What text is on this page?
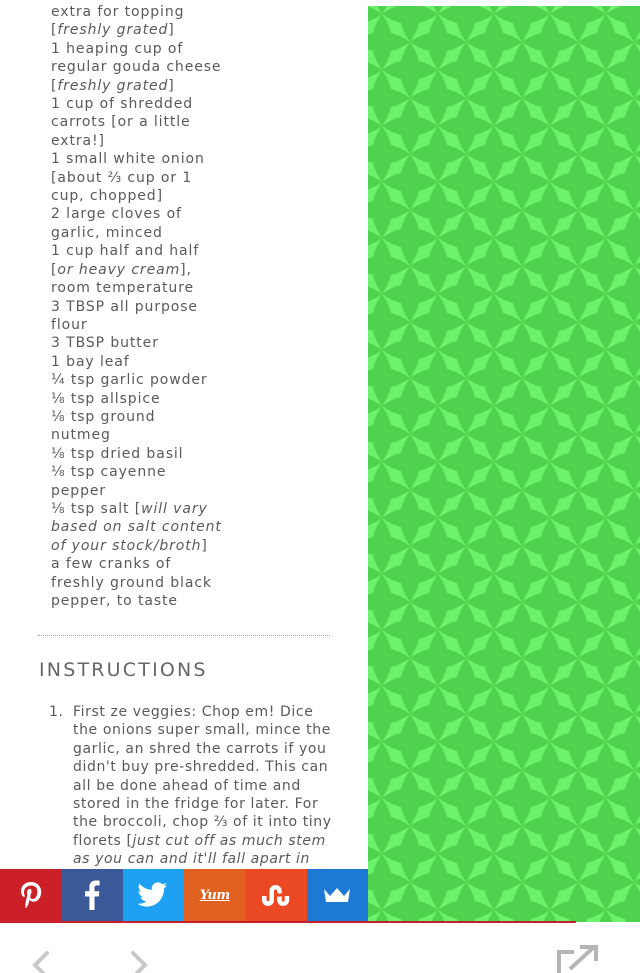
extra for topping
[freshly grated]
1 heaping cup of
regular gouda cheese
[freshly grated]
1 cup of shredded
carrots [or a little
extra!]
1 small white onion
[about ⅔ cup or 1
cup, chopped]
2 large cloves of
garlic, minced
1 cup half and half
[or heavy cream],
room temperature
3 TBSP all purpose
flour
3 TBSP butter
1 bay leaf
¼ tsp garlic powder
⅛ tsp allspice
⅛ tsp ground
nutmeg
⅛ tsp dried basil
⅛ tsp cayenne
pepper
⅛ tsp salt [will vary
based on salt content
of your stock/broth]
a few cranks of
freshly ground black
pepper, to taste
INSTRUCTIONS
1. First ze veggies: Chop em! Dice
the onions super small, mince the
garlic, an shred the carrots if you
didn't buy pre-shredded. This can
all be done ahead of time and
stored in the fridge for later. For
the broccoli, chop ⅔ of it into tiny
florets [just cut off as much stem
as you can and it'll fall apart in
Yum
